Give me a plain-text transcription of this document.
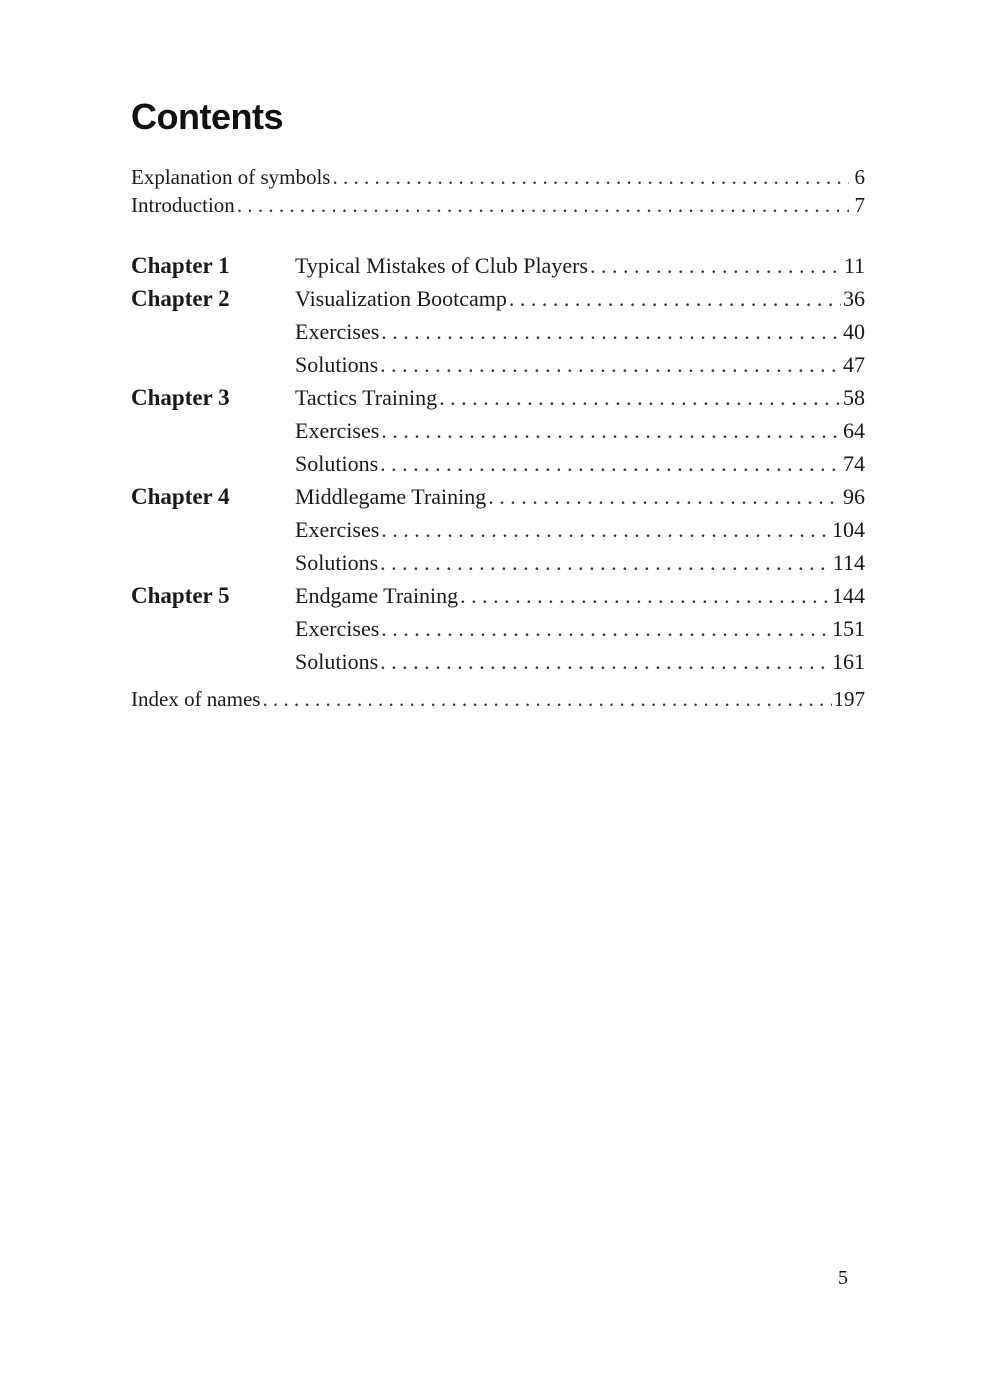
Contents
Explanation of symbols . . .	6
Introduction . . .	7
Chapter 1	Typical Mistakes of Club Players . . .	11
Chapter 2	Visualization Bootcamp . . .	36
Exercises . . .	40
Solutions . . .	47
Chapter 3	Tactics Training . . .	58
Exercises . . .	64
Solutions . . .	74
Chapter 4	Middlegame Training . . .	96
Exercises . . .	104
Solutions . . .	114
Chapter 5	Endgame Training . . .	144
Exercises . . .	151
Solutions . . .	161
Index of names . . .	197
5
